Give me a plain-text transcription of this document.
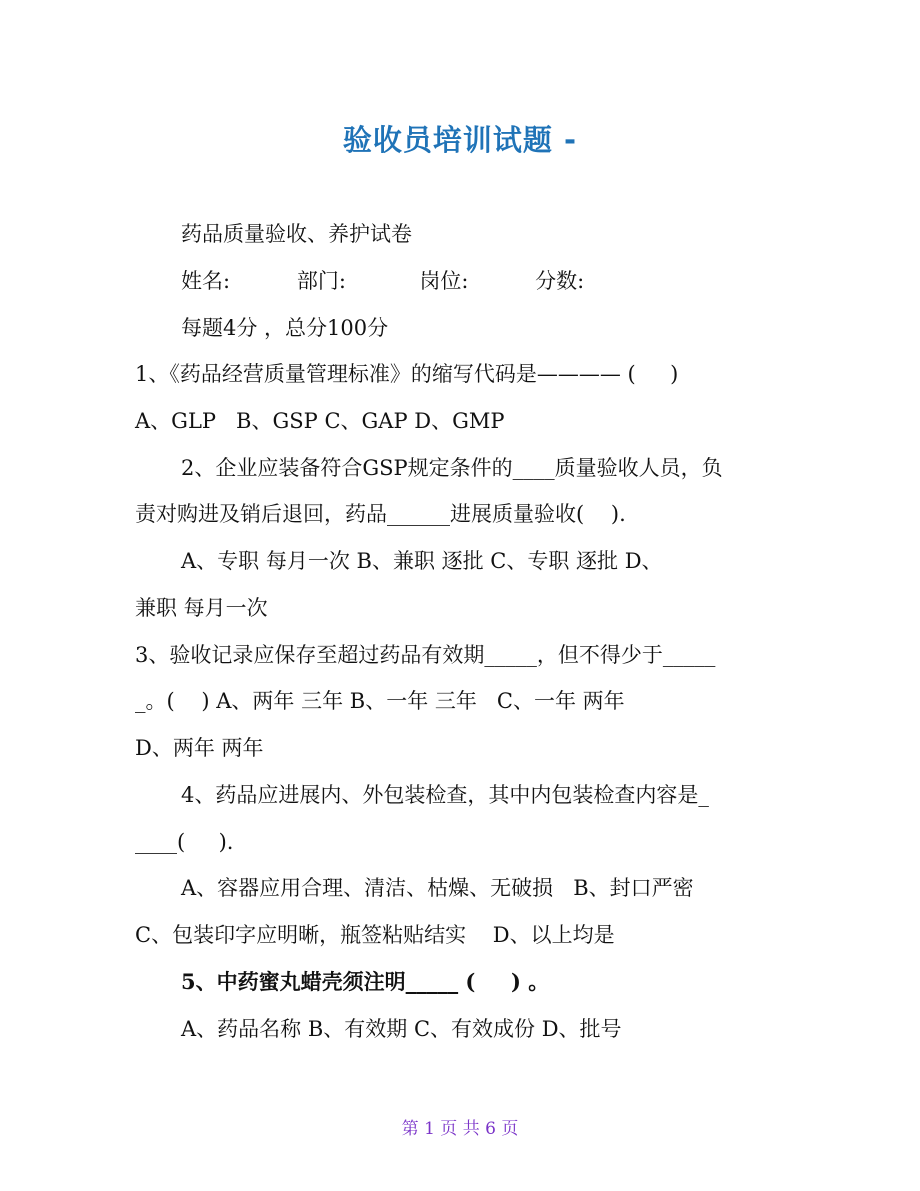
验收员培训试题 -
药品质量验收、养护试卷
姓名:          部门:           岗位:          分数:
每题4分 ，总分100分
1、《药品经营质量管理标准》的缩写代码是———— ( 　 )
A、GLP   B、GSP C、GAP D、GMP
2、企业应装备符合GSP规定条件的____质量验收人员，负
责对购进及销后退回，药品______进展质量验收(    ).
A、专职 每月一次 B、兼职 逐批 C、专职 逐批 D、
兼职 每月一次
3、验收记录应保存至超过药品有效期_____，但不得少于_____
_。(    ) A、两年 三年 B、一年 三年   C、一年 两年
D、两年 两年
4、药品应进展内、外包装检查，其中内包装检查内容是_
____(     ).
A、容器应用合理、清洁、枯燥、无破损   B、封口严密
C、包装印字应明晰，瓶签粘贴结实    D、以上均是
5、中药蜜丸蜡壳须注明_____ ( 　 ) 。
A、药品名称 B、有效期 C、有效成份 D、批号
第 1 页 共 6 页
